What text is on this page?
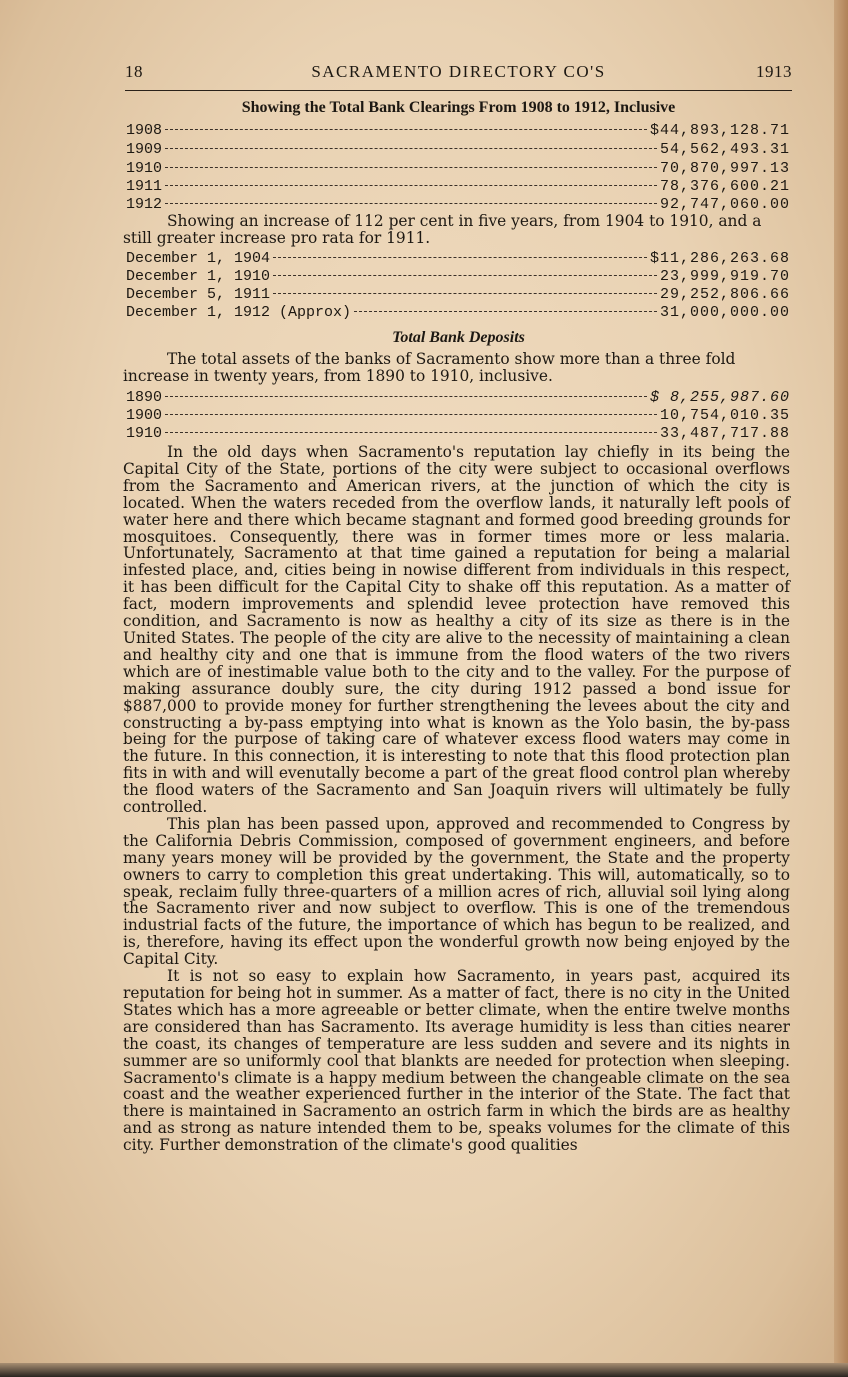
18	SACRAMENTO DIRECTORY CO'S	1913
Showing the Total Bank Clearings From 1908 to 1912, Inclusive
1908	$44,893,128.71
1909	54,562,493.31
1910	70,870,997.13
1911	78,376,600.21
1912	92,747,060.00
Showing an increase of 112 per cent in five years, from 1904 to 1910, and a still greater increase pro rata for 1911.
December 1, 1904	$11,286,263.68
December 1, 1910	23,999,919.70
December 5, 1911	29,252,806.66
December 1, 1912 (Approx)	31,000,000.00
Total Bank Deposits
The total assets of the banks of Sacramento show more than a three fold increase in twenty years, from 1890 to 1910, inclusive.
1890	$ 8,255,987.60
1900	10,754,010.35
1910	33,487,717.88

In the old days when Sacramento's reputation lay chiefly in its being the Capital City of the State, portions of the city were subject to occasional overflows from the Sacramento and American rivers, at the junction of which the city is located. When the waters receded from the overflow lands, it naturally left pools of water here and there which became stagnant and formed good breeding grounds for mosquitoes. Consequently, there was in former times more or less malaria. Unfortunately, Sacramento at that time gained a reputation for being a malarial infested place, and, cities being in nowise different from individuals in this respect, it has been difficult for the Capital City to shake off this reputation. As a matter of fact, modern improvements and splendid levee protection have removed this condition, and Sacramento is now as healthy a city of its size as there is in the United States. The people of the city are alive to the necessity of maintaining a clean and healthy city and one that is immune from the flood waters of the two rivers which are of inestimable value both to the city and to the valley. For the purpose of making assurance doubly sure, the city during 1912 passed a bond issue for $887,000 to provide money for further strengthening the levees about the city and constructing a by-pass emptying into what is known as the Yolo basin, the by-pass being for the purpose of taking care of whatever excess flood waters may come in the future. In this connection, it is interesting to note that this flood protection plan fits in with and will evenutally become a part of the great flood control plan whereby the flood waters of the Sacramento and San Joaquin rivers will ultimately be fully controlled.

This plan has been passed upon, approved and recommended to Congress by the California Debris Commission, composed of government engineers, and before many years money will be provided by the government, the State and the property owners to carry to completion this great undertaking. This will, automatically, so to speak, reclaim fully three-quarters of a million acres of rich, alluvial soil lying along the Sacramento river and now subject to overflow. This is one of the tremendous industrial facts of the future, the importance of which has begun to be realized, and is, therefore, having its effect upon the wonderful growth now being enjoyed by the Capital City.

It is not so easy to explain how Sacramento, in years past, acquired its reputation for being hot in summer. As a matter of fact, there is no city in the United States which has a more agreeable or better climate, when the entire twelve months are considered than has Sacramento. Its average humidity is less than cities nearer the coast, its changes of temperature are less sudden and severe and its nights in summer are so uniformly cool that blankts are needed for protection when sleeping. Sacramento's climate is a happy medium between the changeable climate on the sea coast and the weather experienced further in the interior of the State. The fact that there is maintained in Sacramento an ostrich farm in which the birds are as healthy and as strong as nature intended them to be, speaks volumes for the climate of this city. Further demonstration of the climate's good qualities
